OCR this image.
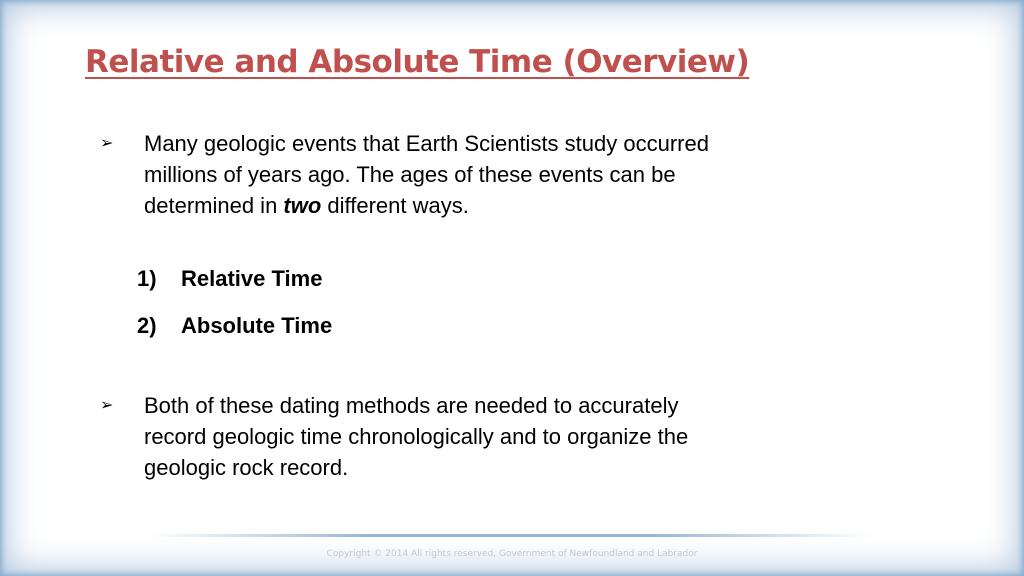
Relative and Absolute Time (Overview)
➢ Many geologic events that Earth Scientists study occurred millions of years ago. The ages of these events can be determined in two different ways.
1) Relative Time
2) Absolute Time
➢ Both of these dating methods are needed to accurately record geologic time chronologically and to organize the geologic rock record.
Copyright © 2014 All rights reserved, Government of Newfoundland and Labrador
